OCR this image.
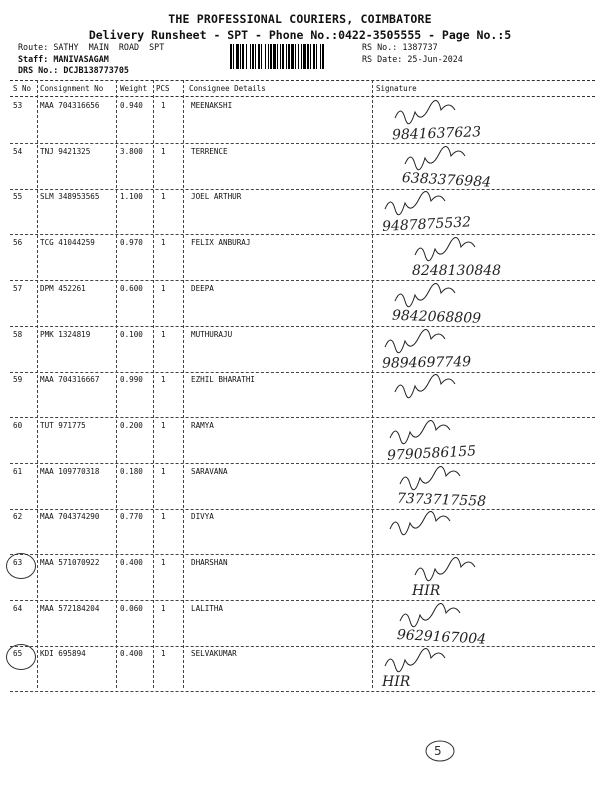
THE PROFESSIONAL COURIERS, COIMBATORE
Delivery Runsheet - SPT - Phone No.:0422-3505555 - Page No.:5
Route: SATHY  MAIN  ROAD  SPT
Staff: MANIVASAGAM
DRS No.: DCJB138773705
RS No.: 1387737
RS Date: 25-Jun-2024
S No Consignment No Weight PCS	Consignee Details	Signature
53 MAA 704316656	0.940 1	MEENAKSHI
9841637623
54 TNJ 9421325	3.800 1	TERRENCE
6383376984
55 SLM 348953565	1.100 1	JOEL ARTHUR
9487875532
56 TCG 41044259	0.970 1	FELIX ANBURAJ
8248130848
57 DPM 452261	0.600 1	DEEPA
9842068809
58 PMK 1324819	0.100 1	MUTHURAJU
9894697749
59 MAA 704316667	0.990 1	EZHIL BHARATHI
60 TUT 971775	0.200 1	RAMYA
9790586155
61 MAA 109770318	0.180 1	SARAVANA
7373717558
62 MAA 704374290	0.770 1	DIVYA
63 MAA 571070922	0.400 1	DHARSHAN
HIR
64 MAA 572184204	0.060 1	LALITHA
9629167004
65 KDI 695894	0.400 1	SELVAKUMAR
HIR
5
